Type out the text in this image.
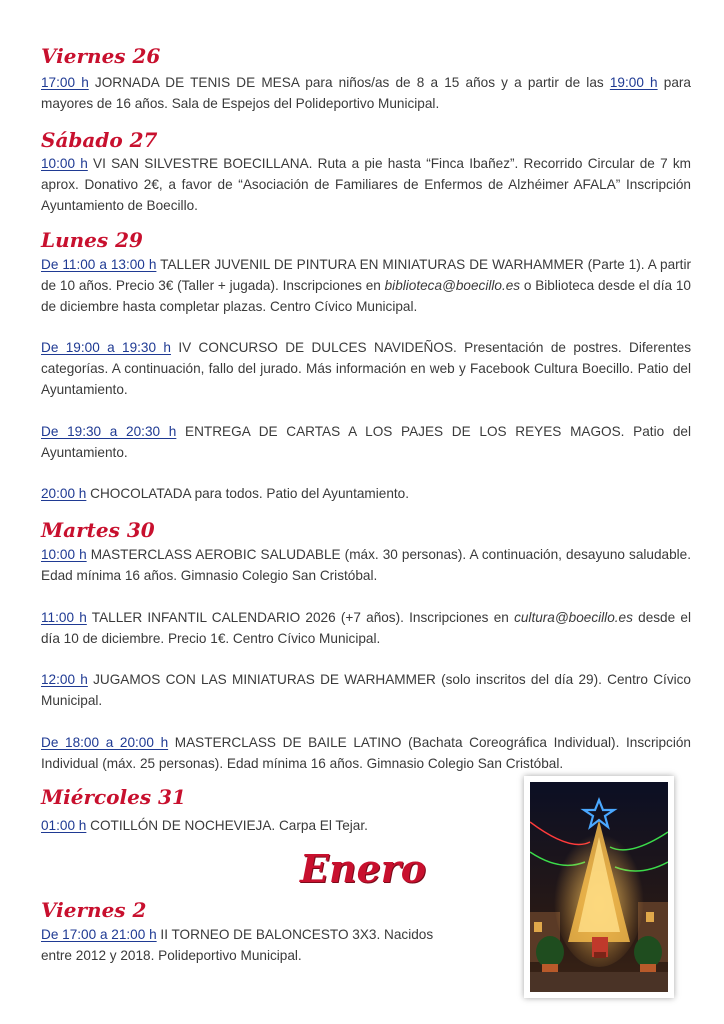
Viernes 26

17:00 h JORNADA DE TENIS DE MESA para niños/as de 8 a 15 años y a partir de las 19:00 h para mayores de 16 años. Sala de Espejos del Polideportivo Municipal.

Sábado 27

10:00 h VI SAN SILVESTRE BOECILLANA. Ruta a pie hasta “Finca Ibañez”. Recorrido Circular de 7 km aprox. Donativo 2€, a favor de “Asociación de Familiares de Enfermos de Alzhéimer AFALA” Inscripción Ayuntamiento de Boecillo.

Lunes 29

De 11:00 a 13:00 h TALLER JUVENIL DE PINTURA EN MINIATURAS DE WARHAMMER (Parte 1). A partir de 10 años. Precio 3€ (Taller + jugada). Inscripciones en biblioteca@boecillo.es o Biblioteca desde el día 10 de diciembre hasta completar plazas. Centro Cívico Municipal.

De 19:00 a 19:30 h IV CONCURSO DE DULCES NAVIDEÑOS. Presentación de postres. Diferentes categorías. A continuación, fallo del jurado. Más información en web y Facebook Cultura Boecillo. Patio del Ayuntamiento.

De 19:30 a 20:30 h ENTREGA DE CARTAS A LOS PAJES DE LOS REYES MAGOS. Patio del Ayuntamiento.

20:00 h CHOCOLATADA para todos. Patio del Ayuntamiento.

Martes 30

10:00 h MASTERCLASS AEROBIC SALUDABLE (máx. 30 personas). A continuación, desayuno saludable. Edad mínima 16 años. Gimnasio Colegio San Cristóbal.

11:00 h TALLER INFANTIL CALENDARIO 2026 (+7 años). Inscripciones en cultura@boecillo.es desde el día 10 de diciembre. Precio 1€. Centro Cívico Municipal.

12:00 h JUGAMOS CON LAS MINIATURAS DE WARHAMMER (solo inscritos del día 29). Centro Cívico Municipal.

De 18:00 a 20:00 h MASTERCLASS DE BAILE LATINO (Bachata Coreográfica Individual). Inscripción Individual (máx. 25 personas). Edad mínima 16 años. Gimnasio Colegio San Cristóbal.

Miércoles 31

01:00 h COTILLÓN DE NOCHEVIEJA. Carpa El Tejar.

Enero
Viernes 2

De 17:00 a 21:00 h II TORNEO DE BALONCESTO 3X3. Nacidos entre 2012 y 2018. Polideportivo Municipal.
